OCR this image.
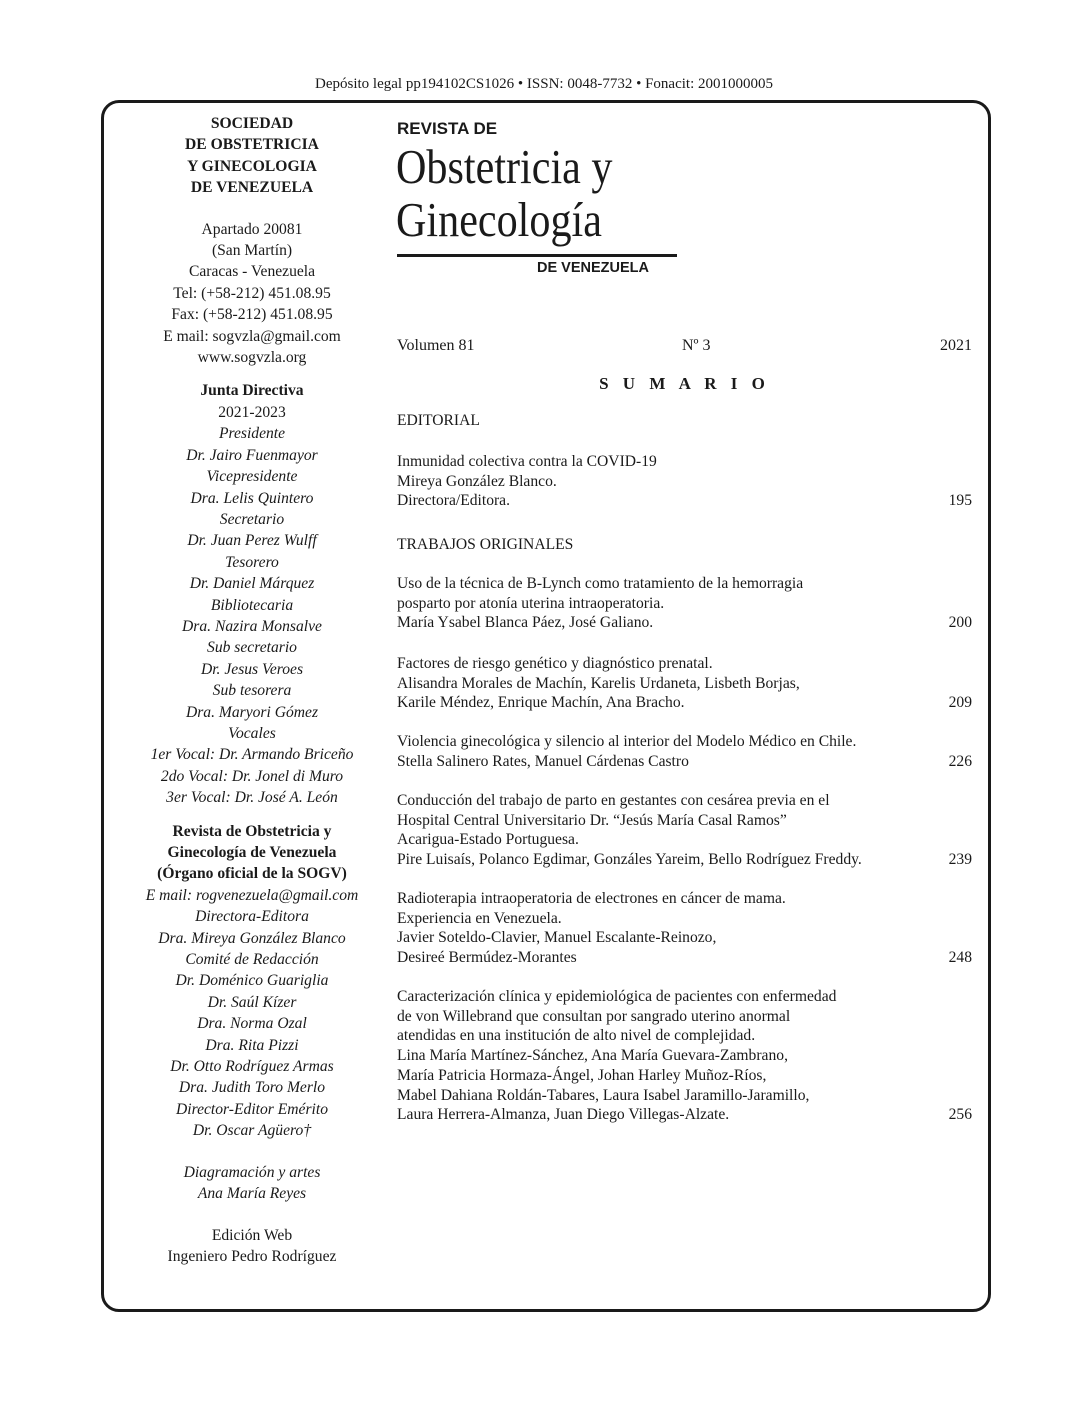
Depósito legal pp194102CS1026 • ISSN: 0048-7732 • Fonacit: 2001000005
SOCIEDAD
DE OBSTETRICIA
Y GINECOLOGIA
DE VENEZUELA
Apartado 20081
(San Martín)
Caracas - Venezuela
Tel: (+58-212) 451.08.95
Fax: (+58-212) 451.08.95
E mail: sogvzla@gmail.com
www.sogvzla.org
Junta Directiva
2021-2023
Presidente
Dr. Jairo Fuenmayor
Vicepresidente
Dra. Lelis Quintero
Secretario
Dr. Juan Perez Wulff
Tesorero
Dr. Daniel Márquez
Bibliotecaria
Dra. Nazira Monsalve
Sub secretario
Dr. Jesus Veroes
Sub tesorera
Dra. Maryori Gómez
Vocales
1er Vocal: Dr. Armando Briceño
2do Vocal: Dr. Jonel di Muro
3er Vocal: Dr. José A. León
Revista de Obstetricia y
Ginecología de Venezuela
(Órgano oficial de la SOGV)
E mail: rogvenezuela@gmail.com
Directora-Editora
Dra. Mireya González Blanco
Comité de Redacción
Dr. Doménico Guariglia
Dr. Saúl Kízer
Dra. Norma Ozal
Dra. Rita Pizzi
Dr. Otto Rodríguez Armas
Dra. Judith Toro Merlo
Director-Editor Emérito
Dr. Oscar Agüero†
Diagramación y artes
Ana María Reyes
Edición Web
Ingeniero Pedro Rodríguez
REVISTA DE
Obstetricia y
Ginecología
DE VENEZUELA
Volumen 81	Nº 3	2021
S U M A R I O
EDITORIAL
TRABAJOS ORIGINALES
Inmunidad colectiva contra la COVID-19
Mireya González Blanco.
Directora/Editora.	195
Uso de la técnica de B-Lynch como tratamiento de la hemorragia
posparto por atonía uterina intraoperatoria.
María Ysabel Blanca Páez, José Galiano.	200
Factores de riesgo genético y diagnóstico prenatal.
Alisandra Morales de Machín, Karelis Urdaneta, Lisbeth Borjas,
Karile Méndez, Enrique Machín, Ana Bracho.	209
Violencia ginecológica y silencio al interior del Modelo Médico en Chile.
Stella Salinero Rates, Manuel Cárdenas Castro	226
Conducción del trabajo de parto en gestantes con cesárea previa en el
Hospital Central Universitario Dr. “Jesús María Casal Ramos”
Acarigua-Estado Portuguesa.
Pire Luisaís, Polanco Egdimar, Gonzáles Yareim, Bello Rodríguez Freddy.	239
Radioterapia intraoperatoria de electrones en cáncer de mama.
Experiencia en Venezuela.
Javier Soteldo-Clavier, Manuel Escalante-Reinozo,
Desireé Bermúdez-Morantes	248
Caracterización clínica y epidemiológica de pacientes con enfermedad
de von Willebrand que consultan por sangrado uterino anormal
atendidas en una institución de alto nivel de complejidad.
Lina María Martínez-Sánchez, Ana María Guevara-Zambrano,
María Patricia Hormaza-Ángel, Johan Harley Muñoz-Ríos,
Mabel Dahiana Roldán-Tabares, Laura Isabel Jaramillo-Jaramillo,
Laura Herrera-Almanza, Juan Diego Villegas-Alzate.	256
